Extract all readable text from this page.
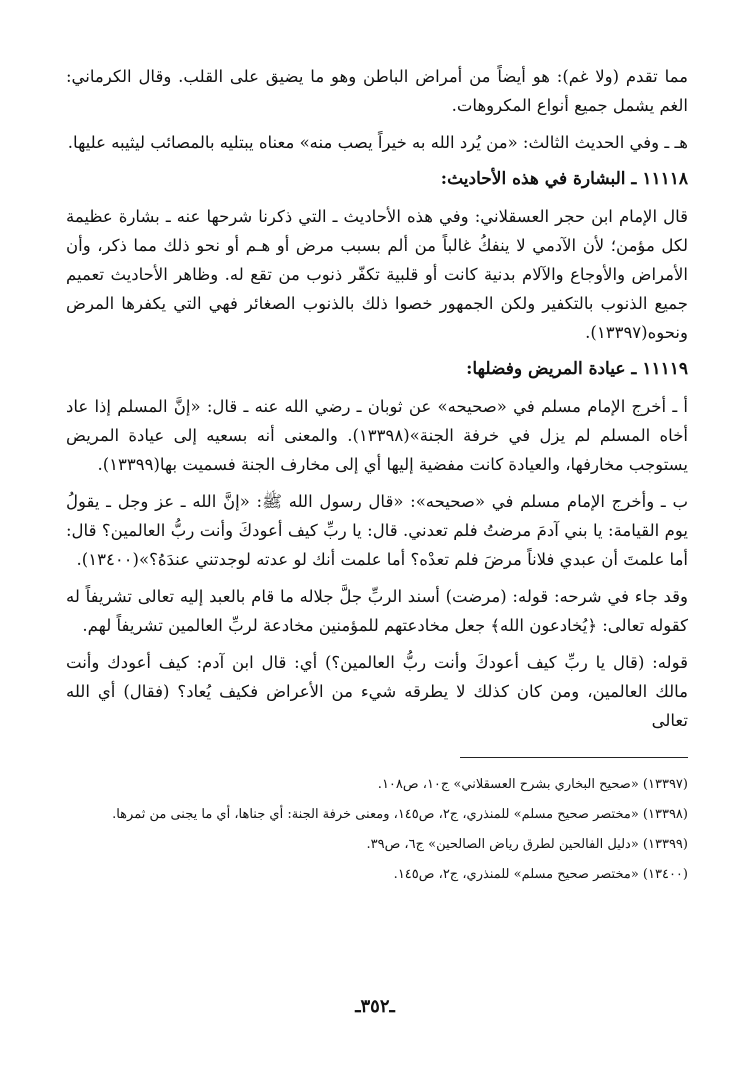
مما تقدم (ولا غم): هو أيضاً من أمراض الباطن وهو ما يضيق على القلب. وقال الكرماني: الغم يشمل جميع أنواع المكروهات.

هـ ـ وفي الحديث الثالث: «من يُرد الله به خيراً يصب منه» معناه يبتليه بالمصائب ليثيبه عليها.

١١١١٨ ـ البشارة في هذه الأحاديث:

قال الإمام ابن حجر العسقلاني: وفي هذه الأحاديث ـ التي ذكرنا شرحها عنه ـ بشارة عظيمة لكل مؤمن؛ لأن الآدمي لا ينفكُ غالباً من ألم بسبب مرض أو هـم أو نحو ذلك مما ذكر، وأن الأمراض والأوجاع والآلام بدنية كانت أو قلبية تكفّر ذنوب من تقع له. وظاهر الأحاديث تعميم جميع الذنوب بالتكفير ولكن الجمهور خصوا ذلك بالذنوب الصغائر فهي التي يكفرها المرض ونحوه(١٣٣٩٧).

١١١١٩ ـ عيادة المريض وفضلها:

أ ـ أخرج الإمام مسلم في «صحيحه» عن ثوبان ـ رضي الله عنه ـ قال: «إنَّ المسلم إذا عاد أخاه المسلم لم يزل في خرفة الجنة»(١٣٣٩٨). والمعنى أنه بسعيه إلى عيادة المريض يستوجب مخارفها، والعيادة كانت مفضية إليها أي إلى مخارف الجنة فسميت بها(١٣٣٩٩).

ب ـ وأخرج الإمام مسلم في «صحيحه»: «قال رسول الله ﷺ: «إنَّ الله ـ عز وجل ـ يقولُ يوم القيامة: يا بني آدمَ مرضتُ فلم تعدني. قال: يا ربِّ كيف أعودكَ وأنت ربُّ العالمين؟ قال: أما علمتَ أن عبدي فلاناً مرضَ فلم تعدْه؟ أما علمت أنك لو عدته لوجدتني عندَهُ؟»(١٣٤٠٠).

وقد جاء في شرحه: قوله: (مرضت) أسند الربِّ جلَّ جلاله ما قام بالعبد إليه تعالى تشريفاً له كقوله تعالى: ﴿يُخادعون الله﴾ جعل مخادعتهم للمؤمنين مخادعة لربِّ العالمين تشريفاً لهم.

قوله: (قال يا ربِّ كيف أعودكَ وأنت ربُّ العالمين؟) أي: قال ابن آدم: كيف أعودك وأنت مالك العالمين، ومن كان كذلك لا يطرقه شيء من الأعراض فكيف يُعاد؟ (فقال) أي الله تعالى

(١٣٣٩٧) «صحيح البخاري بشرح العسقلاني» ج١٠، ص١٠٨.

(١٣٣٩٨) «مختصر صحيح مسلم» للمنذري، ج٢، ص١٤٥، ومعنى خرفة الجنة: أي جناها، أي ما يجنى من ثمرها.

(١٣٣٩٩) «دليل الفالحين لطرق رياض الصالحين» ج٦، ص٣٩.

(١٣٤٠٠) «مختصر صحيح مسلم» للمنذري، ج٢، ص١٤٥.

ـ٣٥٢ـ
